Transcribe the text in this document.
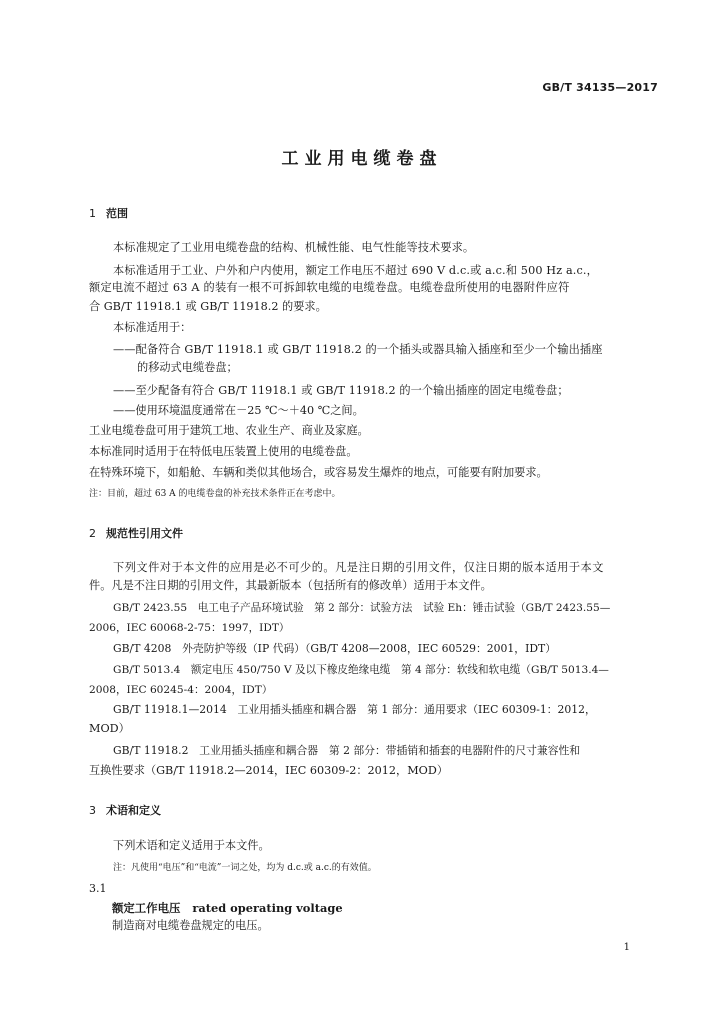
GB/T 34135—2017
工业用电缆卷盘
1 范围
本标准规定了工业用电缆卷盘的结构、机械性能、电气性能等技术要求。
本标准适用于工业、户外和户内使用，额定工作电压不超过 690 V d.c.或 a.c.和 500 Hz a.c.，
额定电流不超过 63 A 的装有一根不可拆卸软电缆的电缆卷盘。电缆卷盘所使用的电器附件应符
合 GB/T 11918.1 或 GB/T 11918.2 的要求。
本标准适用于：
——配备符合 GB/T 11918.1 或 GB/T 11918.2 的一个插头或器具输入插座和至少一个输出插座
的移动式电缆卷盘；
——至少配备有符合 GB/T 11918.1 或 GB/T 11918.2 的一个输出插座的固定电缆卷盘；
——使用环境温度通常在－25 ℃～＋40 ℃之间。
工业电缆卷盘可用于建筑工地、农业生产、商业及家庭。
本标准同时适用于在特低电压装置上使用的电缆卷盘。
在特殊环境下，如船舱、车辆和类似其他场合，或容易发生爆炸的地点，可能要有附加要求。
注：目前，超过 63 A 的电缆卷盘的补充技术条件正在考虑中。
2 规范性引用文件
下列文件对于本文件的应用是必不可少的。凡是注日期的引用文件，仅注日期的版本适用于本文
件。凡是不注日期的引用文件，其最新版本（包括所有的修改单）适用于本文件。
GB/T 2423.55　电工电子产品环境试验　第 2 部分：试验方法　试验 Eh：锤击试验（GB/T 2423.55—
2006，IEC 60068-2-75：1997，IDT）
GB/T 4208　外壳防护等级（IP 代码）（GB/T 4208—2008，IEC 60529：2001，IDT）
GB/T 5013.4　额定电压 450/750 V 及以下橡皮绝缘电缆　第 4 部分：软线和软电缆（GB/T 5013.4—
2008，IEC 60245-4：2004，IDT）
GB/T 11918.1—2014　工业用插头插座和耦合器　第 1 部分：通用要求（IEC 60309-1：2012，
MOD）
GB/T 11918.2　工业用插头插座和耦合器　第 2 部分：带插销和插套的电器附件的尺寸兼容性和
互换性要求（GB/T 11918.2—2014，IEC 60309-2：2012，MOD）
3 术语和定义
下列术语和定义适用于本文件。
注：凡使用“电压”和“电流”一词之处，均为 d.c.或 a.c.的有效值。
3.1
额定工作电压 rated operating voltage
制造商对电缆卷盘规定的电压。
1
